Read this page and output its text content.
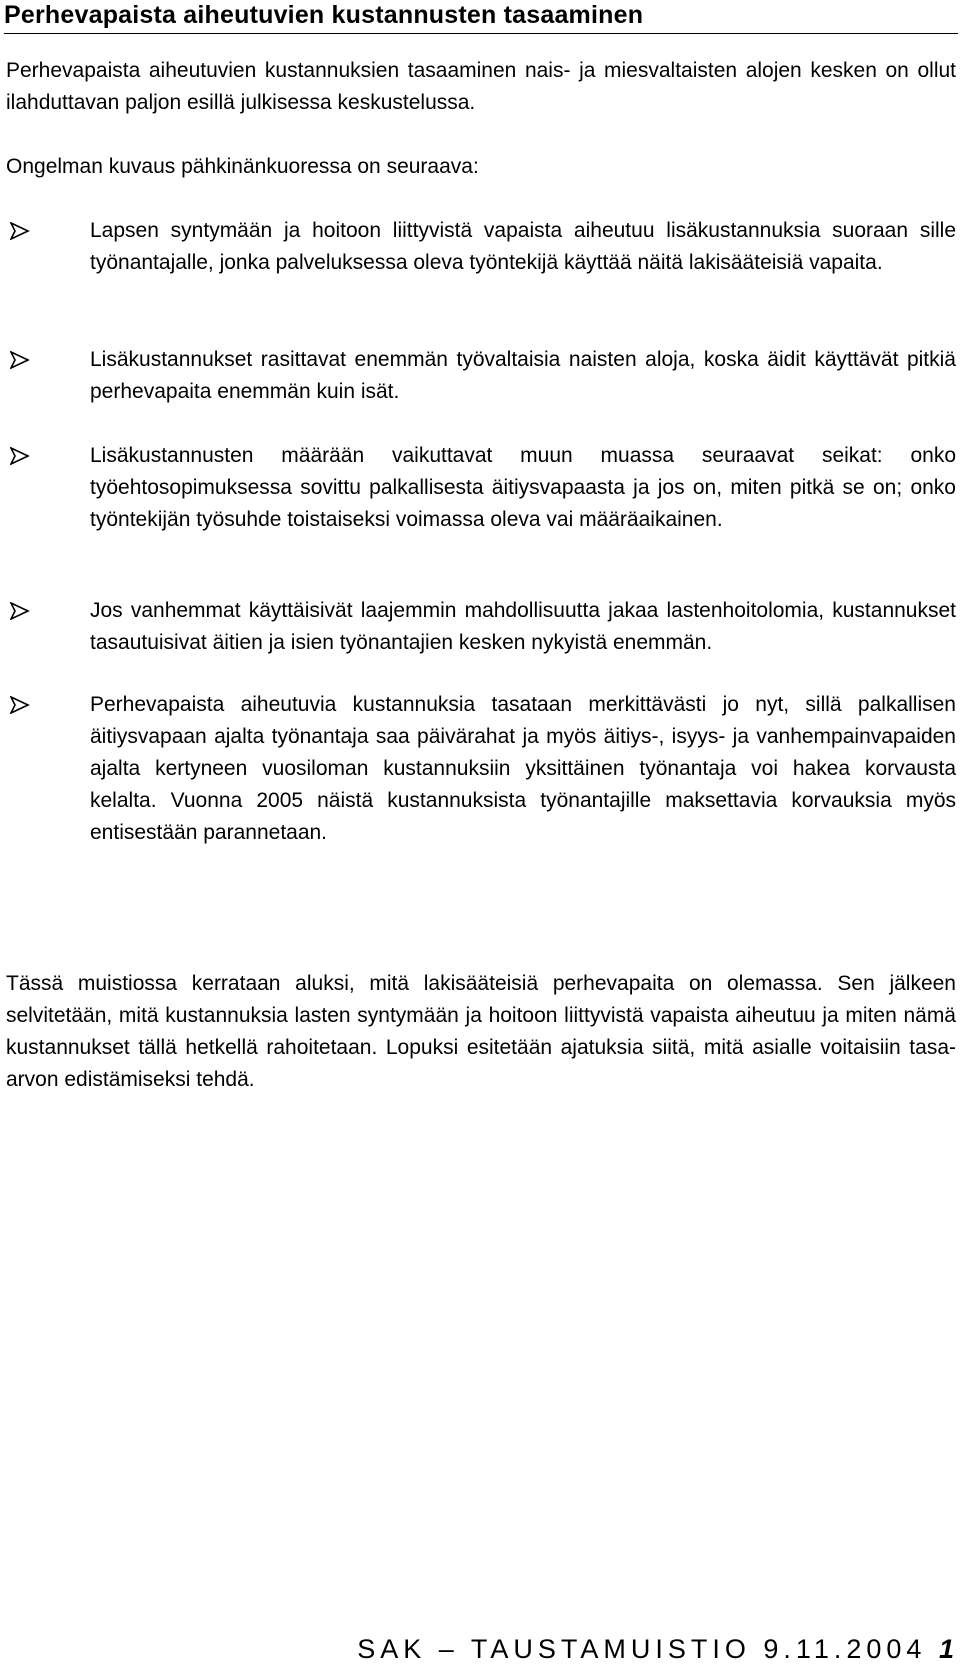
Perhevapaista aiheutuvien kustannusten tasaaminen

Perhevapaista aiheutuvien kustannuksien tasaaminen nais- ja miesvaltaisten alojen kesken on ollut ilahduttavan paljon esillä julkisessa keskustelussa.

Ongelman kuvaus pähkinänkuoressa on seuraava:

Lapsen syntymään ja hoitoon liittyvistä vapaista aiheutuu lisäkustannuksia suoraan sille työnantajalle, jonka palveluksessa oleva työntekijä käyttää näitä lakisääteisiä vapaita.

Lisäkustannukset rasittavat enemmän työvaltaisia naisten aloja, koska äidit käyttävät pitkiä perhevapaita enemmän kuin isät.

Lisäkustannusten määrään vaikuttavat muun muassa seuraavat seikat: onko työehtosopimuksessa sovittu palkallisesta äitiysvapaasta ja jos on, miten pitkä se on; onko työntekijän työsuhde toistaiseksi voimassa oleva vai määräaikainen.

Jos vanhemmat käyttäisivät laajemmin mahdollisuutta jakaa lastenhoitolomia, kustannukset tasautuisivat äitien ja isien työnantajien kesken nykyistä enemmän.

Perhevapaista aiheutuvia kustannuksia tasataan merkittävästi jo nyt, sillä palkallisen äitiysvapaan ajalta työnantaja saa päivärahat ja myös äitiys-, isyys- ja vanhempainvapaiden ajalta kertyneen vuosiloman kustannuksiin yksittäinen työnantaja voi hakea korvausta kelalta. Vuonna 2005 näistä kustannuksista työnantajille maksettavia korvauksia myös entisestään parannetaan.

Tässä muistiossa kerrataan aluksi, mitä lakisääteisiä perhevapaita on olemassa. Sen jälkeen selvitetään, mitä kustannuksia lasten syntymään ja hoitoon liittyvistä vapaista aiheutuu ja miten nämä kustannukset tällä hetkellä rahoitetaan. Lopuksi esitetään ajatuksia siitä, mitä asialle voitaisiin tasa-arvon edistämiseksi tehdä.

SAK – TAUSTAMUISTIO 9.11.2004 1
